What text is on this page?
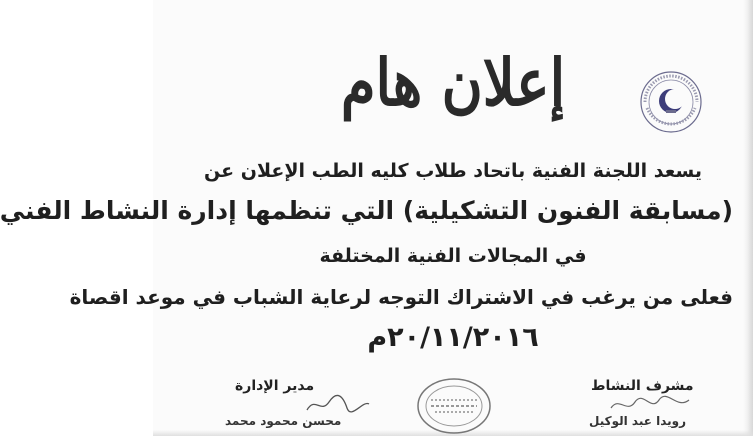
إعلان هام
يسعد اللجنة الفنية باتحاد طلاب كليه الطب الإعلان عن
(مسابقة الفنون التشكيلية) التي تنظمها إدارة النشاط الفني
في المجالات الفنية المختلفة
فعلى من يرغب في الاشتراك التوجه لرعاية الشباب في موعد اقصاة
٢٠/١١/٢٠١٦م
مدير الإدارة
محسن محمود محمد
مشرف النشاط
رويدا عبد الوكيل
